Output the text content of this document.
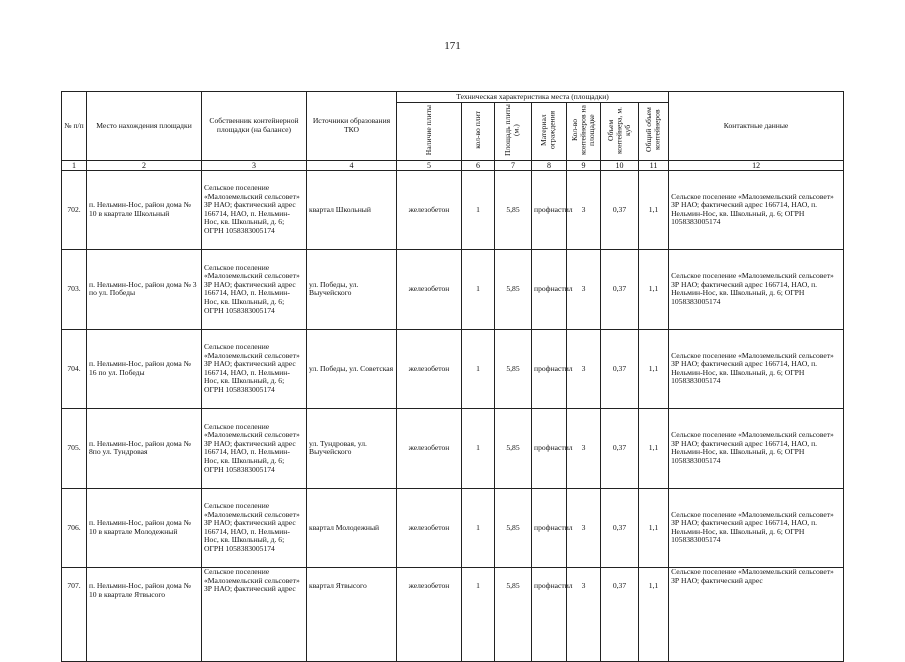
171
№ п/п	Место нахождения площадки	Собственник контейнерной площадки (на балансе)	Источники образования ТКО	Техническая характеристика места (площадки)							Контактные данные
				Наличие плиты	кол-во плит	Площадь плиты (м.)	Материал ограждения	Кол-во контейнеров на площадке	Объем контейнера, м. куб	Общий объем контейнеров	
1	2	3	4	5	6	7	8	9	10	11	12
702.	п. Нельмин-Нос, район дома № 10 в квартале Школьный	Сельское поселение «Малоземельский сельсовет» ЗР НАО; фактический адрес 166714, НАО, п. Нельмин-Нос, кв. Школьный, д. 6; ОГРН 1058383005174	квартал Школьный	железобетон	1	5,85	профнастил	3	0,37	1,1	Сельское поселение «Малоземельский сельсовет» ЗР НАО; фактический адрес 166714, НАО, п. Нельмин-Нос, кв. Школьный, д. 6; ОГРН 1058383005174
703.	п. Нельмин-Нос, район дома № 3 по ул. Победы	Сельское поселение «Малоземельский сельсовет» ЗР НАО; фактический адрес 166714, НАО, п. Нельмин-Нос, кв. Школьный, д. 6; ОГРН 1058383005174	ул. Победы, ул. Выучейского	железобетон	1	5,85	профнастил	3	0,37	1,1	Сельское поселение «Малоземельский сельсовет» ЗР НАО; фактический адрес 166714, НАО, п. Нельмин-Нос, кв. Школьный, д. 6; ОГРН 1058383005174
704.	п. Нельмин-Нос, район дома № 16 по ул. Победы	Сельское поселение «Малоземельский сельсовет» ЗР НАО; фактический адрес 166714, НАО, п. Нельмин-Нос, кв. Школьный, д. 6; ОГРН 1058383005174	ул. Победы, ул. Советская	железобетон	1	5,85	профнастил	3	0,37	1,1	Сельское поселение «Малоземельский сельсовет» ЗР НАО; фактический адрес 166714, НАО, п. Нельмин-Нос, кв. Школьный, д. 6; ОГРН 1058383005174
705.	п. Нельмин-Нос, район дома № 8по ул. Тундровая	Сельское поселение «Малоземельский сельсовет» ЗР НАО; фактический адрес 166714, НАО, п. Нельмин-Нос, кв. Школьный, д. 6; ОГРН 1058383005174	ул. Тундровая, ул. Выучейского	железобетон	1	5,85	профнастил	3	0,37	1,1	Сельское поселение «Малоземельский сельсовет» ЗР НАО; фактический адрес 166714, НАО, п. Нельмин-Нос, кв. Школьный, д. 6; ОГРН 1058383005174
706.	п. Нельмин-Нос, район дома № 10 в квартале Молодежный	Сельское поселение «Малоземельский сельсовет» ЗР НАО; фактический адрес 166714, НАО, п. Нельмин-Нос, кв. Школьный, д. 6; ОГРН 1058383005174	квартал Молодежный	железобетон	1	5,85	профнастил	3	0,37	1,1	Сельское поселение «Малоземельский сельсовет» ЗР НАО; фактический адрес 166714, НАО, п. Нельмин-Нос, кв. Школьный, д. 6; ОГРН 1058383005174
707.	п. Нельмин-Нос, район дома № 10 в квартале Ятвысого	Сельское поселение «Малоземельский сельсовет» ЗР НАО; фактический адрес	квартал Ятвысого	железобетон	1	5,85	профнастил	3	0,37	1,1	Сельское поселение «Малоземельский сельсовет» ЗР НАО; фактический адрес
